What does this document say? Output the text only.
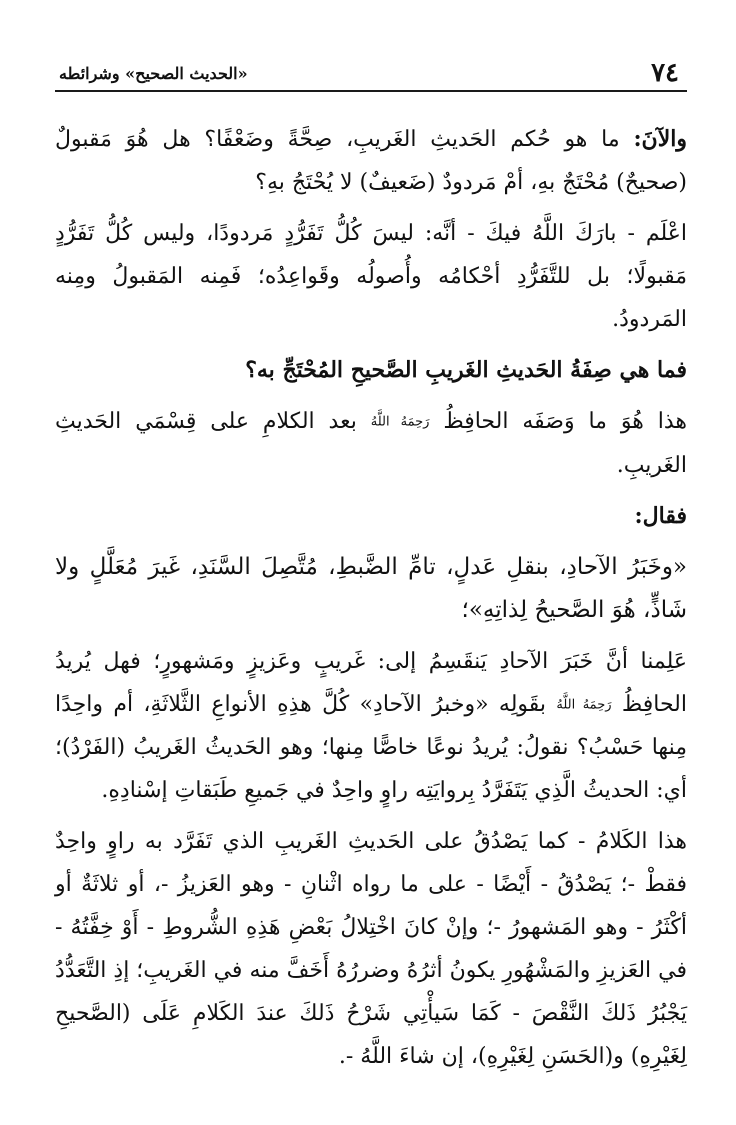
٧٤
«الحديث الصحيح» وشرائطه

والآنَ: ما هو حُكم الحَديثِ الغَريبِ، صِحَّةً وضَعْفًا؟ هل هُوَ مَقبولٌ (صحيحٌ) مُحْتَجٌ بهِ، أمْ مَردودٌ (ضَعيفٌ) لا يُحْتَجُ بهِ؟

اعْلَم - بارَكَ اللَّهُ فيكَ - أنَّه: ليسَ كُلُّ تَفَرُّدٍ مَردودًا، وليس كُلُّ تَفَرُّدٍ مَقبولًا؛ بل للتَّفَرُّدِ أحْكامُه وأُصولُه وقَواعِدُه؛ فَمِنه المَقبولُ ومِنه المَردودُ.

فما هي صِفَةُ الحَديثِ الغَريبِ الصَّحيحِ المُحْتَجِّ به؟

هذا هُوَ ما وَصَفَه الحافِظُ رَحِمَهُ اللَّهُ بعد الكلامِ على قِسْمَي الحَديثِ الغَريبِ.

فقال:

«وخَبَرُ الآحادِ، بنقلِ عَدلٍ، تامِّ الضَّبطِ، مُتَّصِلَ السَّنَدِ، غَيرَ مُعَلَّلٍ ولا شَاذٍّ، هُوَ الصَّحيحُ لِذاتِهِ»؛

عَلِمنا أنَّ خَبَرَ الآحادِ يَنقَسِمُ إلى: غَريبٍ وعَزيزٍ ومَشهورٍ؛ فهل يُريدُ الحافِظُ رَحِمَهُ اللَّهُ بقَولِه «وخبرُ الآحادِ» كُلَّ هذِهِ الأنواعِ الثَّلاثَةِ، أم واحِدًا مِنها حَسْبُ؟ نقولُ: يُريدُ نوعًا خاصًّا مِنها؛ وهو الحَديثُ الغَريبُ (الفَرْدُ)؛ أي: الحديثُ الَّذِي يَتَفَرَّدُ بِروايَتِه راوٍ واحِدٌ في جَميعِ طَبَقاتِ إسْنادِهِ.

هذا الكَلامُ - كما يَصْدُقُ على الحَديثِ الغَريبِ الذي تَفَرَّد به راوٍ واحِدٌ فقطْ -؛ يَصْدُقُ - أَيْضًا - على ما رواه اثْنانِ - وهو العَزيزُ -، أو ثلاثَةٌ أو أكْثَرُ - وهو المَشهورُ -؛ وإنْ كانَ اخْتِلالُ بَعْضِ هَذِهِ الشُّروطِ - أَوْ خِفَّتُهُ - في العَزيزِ والمَشْهُورِ يكونُ أثرُهُ وضررُهُ أَخَفَّ منه في الغَريبِ؛ إذِ التَّعَدُّدُ يَجْبُرُ ذَلكَ النَّقْصَ - كَمَا سَيأْتِي شَرْحُ ذَلكَ عندَ الكَلامِ عَلَى (الصَّحيحِ لِغَيْرِهِ) و(الحَسَنِ لِغَيْرِهِ)، إن شاءَ اللَّهُ -.
